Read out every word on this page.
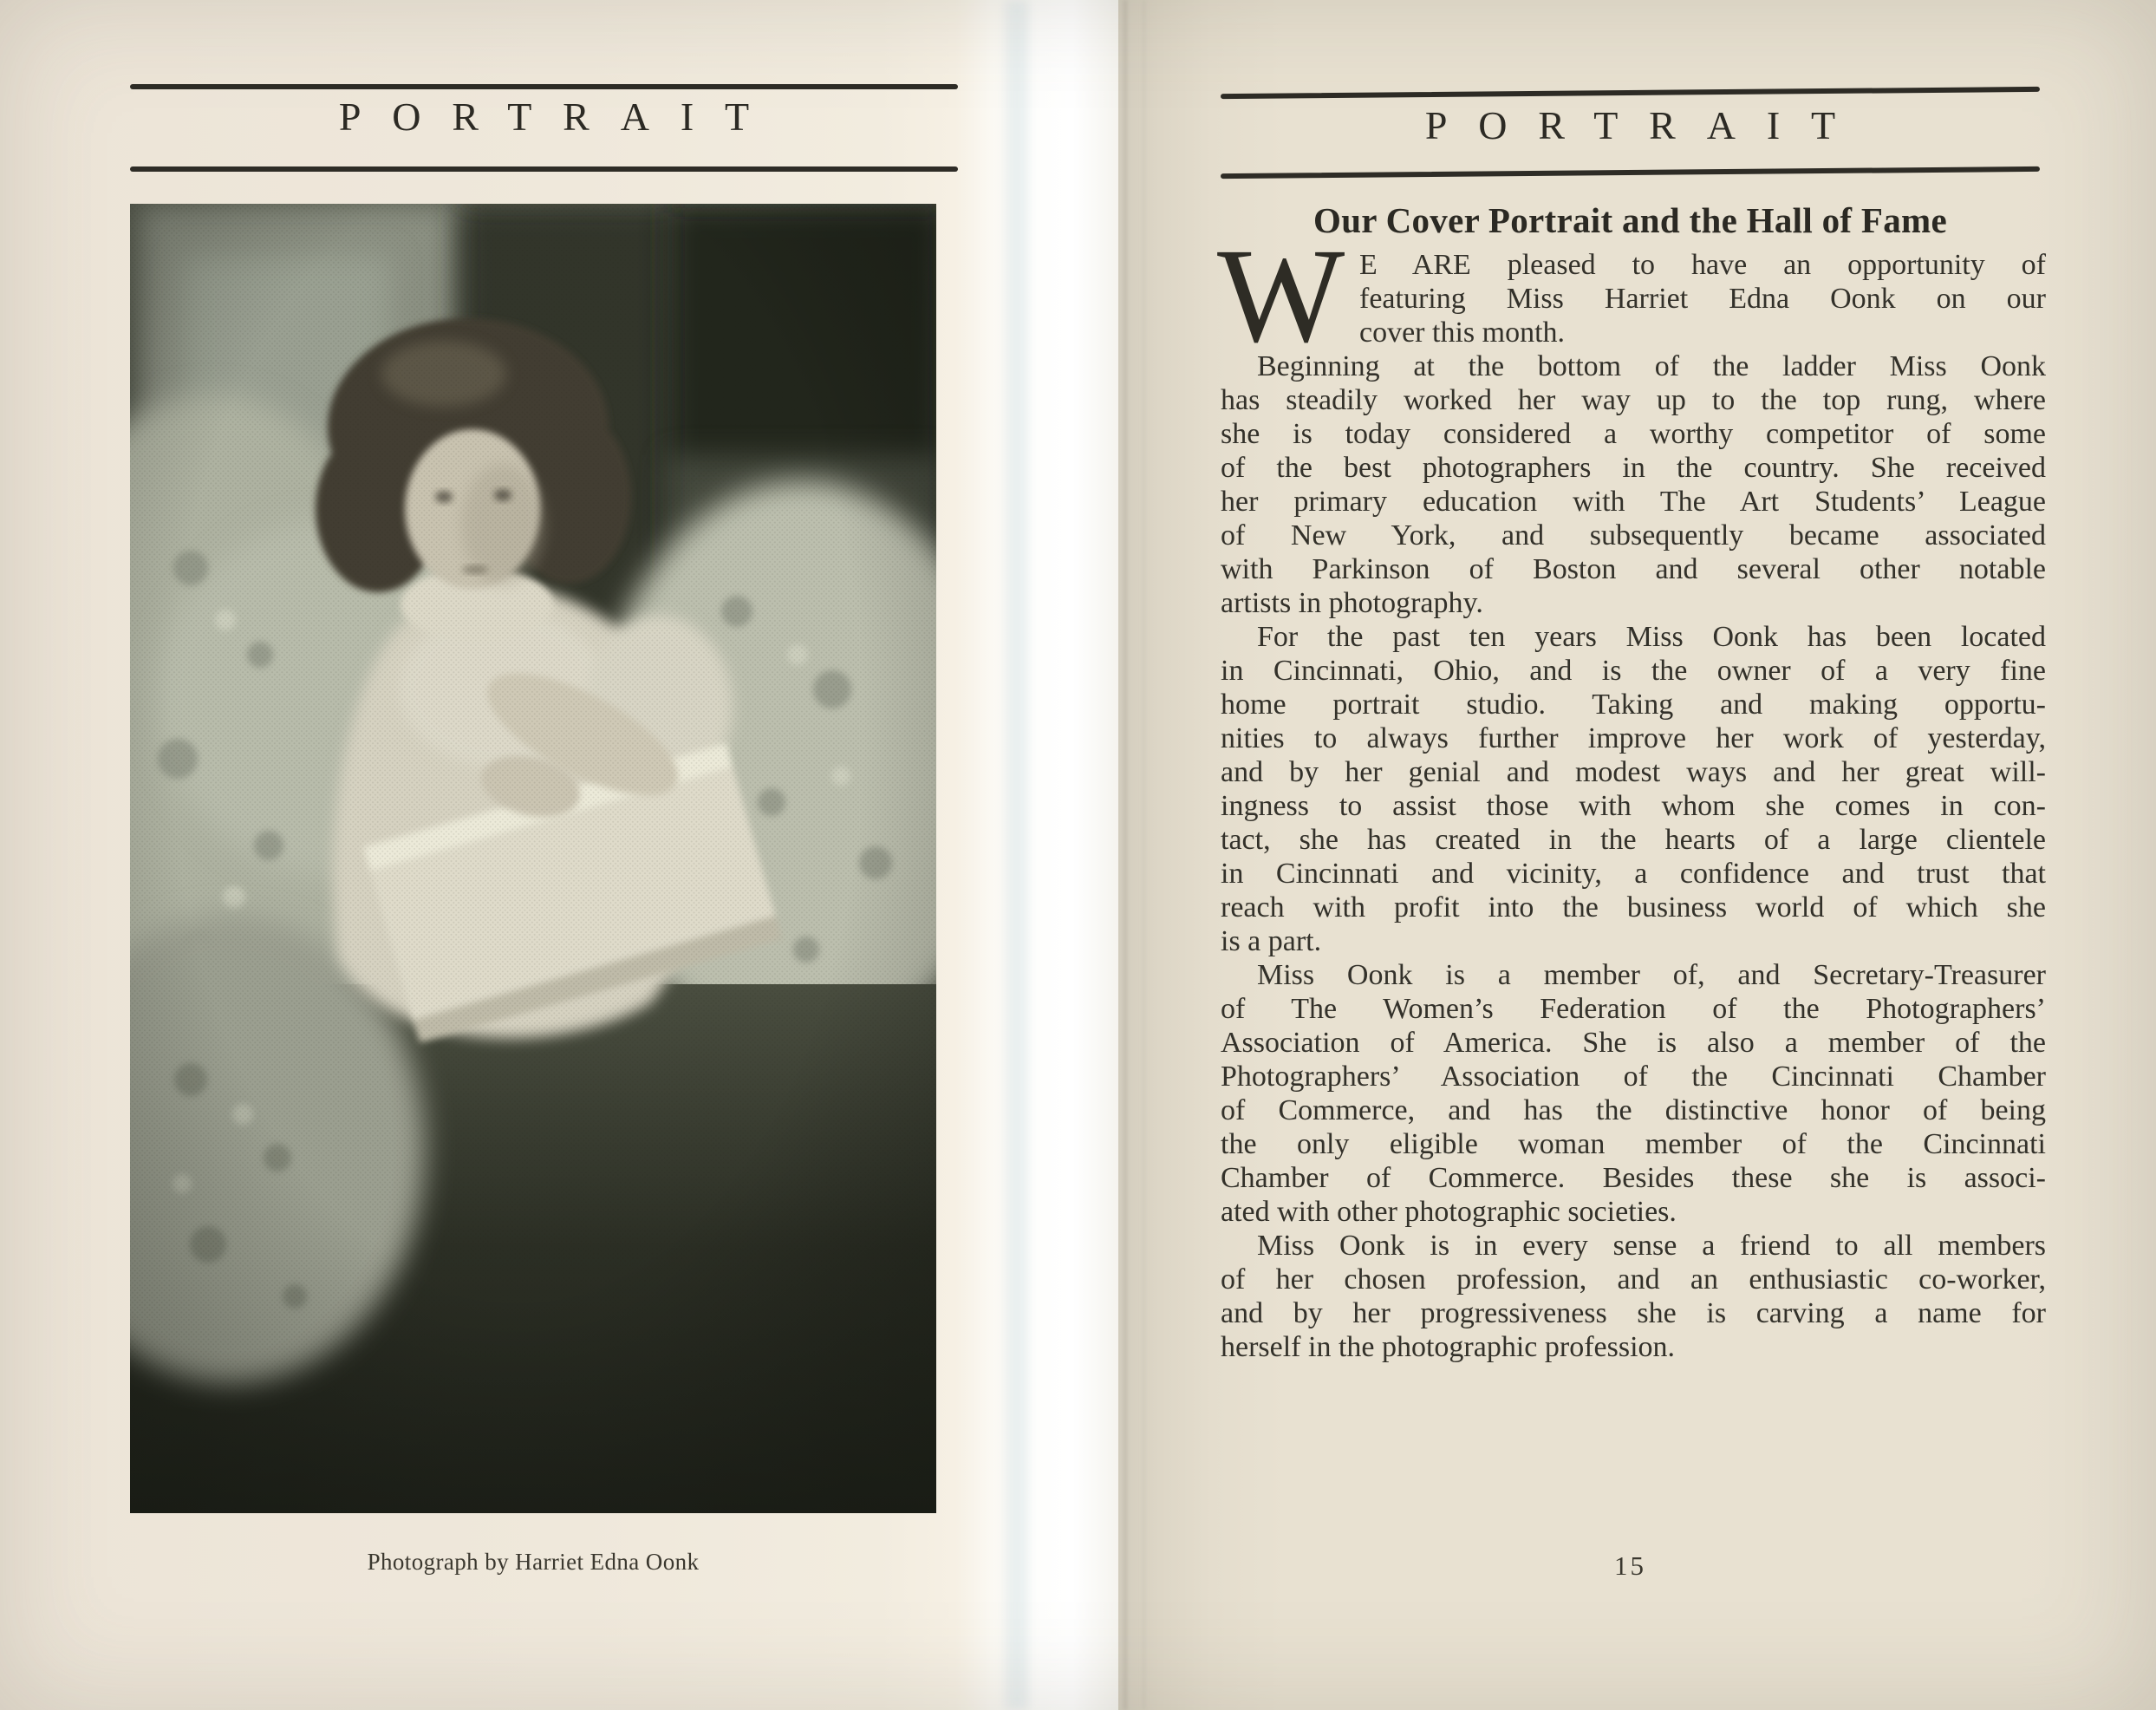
PORTRAIT
Photograph by Harriet Edna Oonk
PORTRAIT
Our Cover Portrait and the Hall of Fame
W E ARE pleased to have an opportunity of
featuring Miss Harriet Edna Oonk on our
cover this month.
Beginning at the bottom of the ladder Miss Oonk
has steadily worked her way up to the top rung, where
she is today considered a worthy competitor of some
of the best photographers in the country. She received
her primary education with The Art Students’ League
of New York, and subsequently became associated
with Parkinson of Boston and several other notable
artists in photography.
For the past ten years Miss Oonk has been located
in Cincinnati, Ohio, and is the owner of a very fine
home portrait studio. Taking and making opportu-
nities to always further improve her work of yesterday,
and by her genial and modest ways and her great will-
ingness to assist those with whom she comes in con-
tact, she has created in the hearts of a large clientele
in Cincinnati and vicinity, a confidence and trust that
reach with profit into the business world of which she
is a part.
Miss Oonk is a member of, and Secretary-Treasurer
of The Women’s Federation of the Photographers’
Association of America. She is also a member of the
Photographers’ Association of the Cincinnati Chamber
of Commerce, and has the distinctive honor of being
the only eligible woman member of the Cincinnati
Chamber of Commerce. Besides these she is associ-
ated with other photographic societies.
Miss Oonk is in every sense a friend to all members
of her chosen profession, and an enthusiastic co-worker,
and by her progressiveness she is carving a name for
herself in the photographic profession.
15
